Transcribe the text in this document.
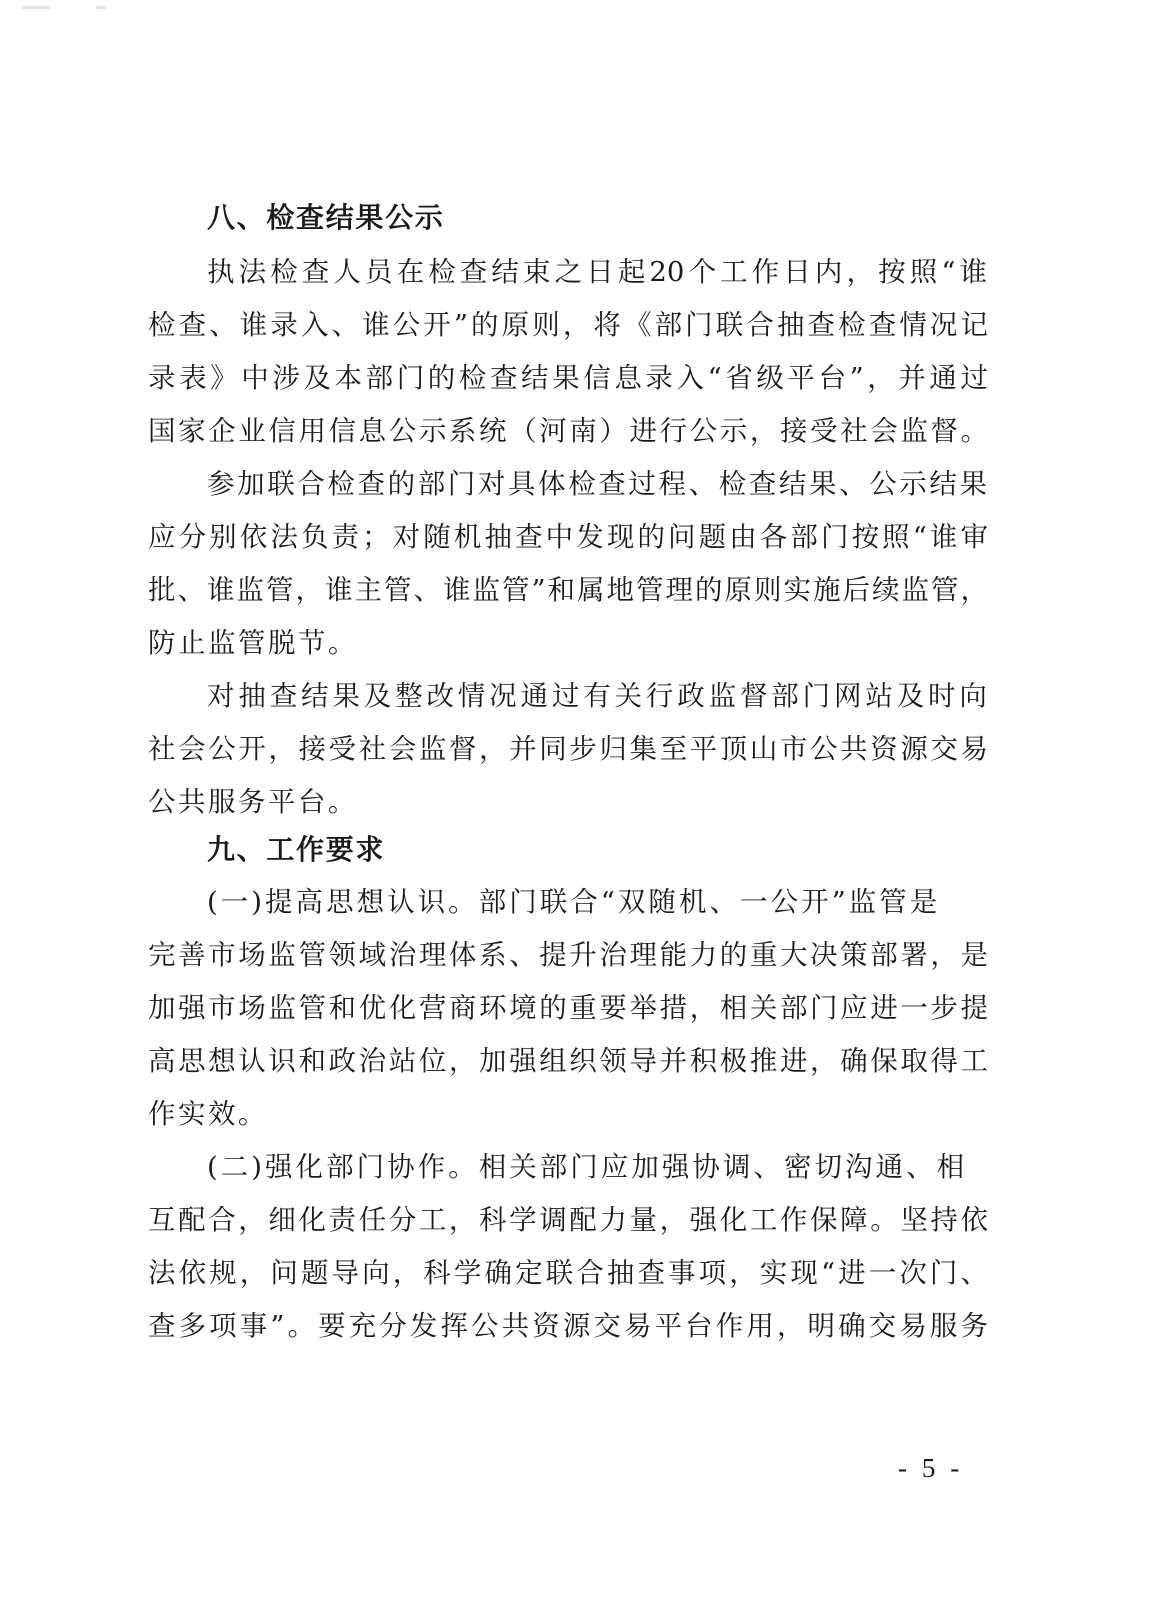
八、检查结果公示
执法检查人员在检查结束之日起20个工作日内，按照“谁
检查、谁录入、谁公开”的原则，将《部门联合抽查检查情况记
录表》中涉及本部门的检查结果信息录入“省级平台”，并通过
国家企业信用信息公示系统（河南）进行公示，接受社会监督。
参加联合检查的部门对具体检查过程、检查结果、公示结果
应分别依法负责；对随机抽查中发现的问题由各部门按照“谁审
批、谁监管，谁主管、谁监管”和属地管理的原则实施后续监管，
防止监管脱节。
对抽查结果及整改情况通过有关行政监督部门网站及时向
社会公开，接受社会监督，并同步归集至平顶山市公共资源交易
公共服务平台。
九、工作要求
(一)提高思想认识。部门联合“双随机、一公开”监管是
完善市场监管领域治理体系、提升治理能力的重大决策部署，是
加强市场监管和优化营商环境的重要举措，相关部门应进一步提
高思想认识和政治站位，加强组织领导并积极推进，确保取得工
作实效。
(二)强化部门协作。相关部门应加强协调、密切沟通、相
互配合，细化责任分工，科学调配力量，强化工作保障。坚持依
法依规，问题导向，科学确定联合抽查事项，实现“进一次门、
查多项事”。要充分发挥公共资源交易平台作用，明确交易服务
- 5 -
